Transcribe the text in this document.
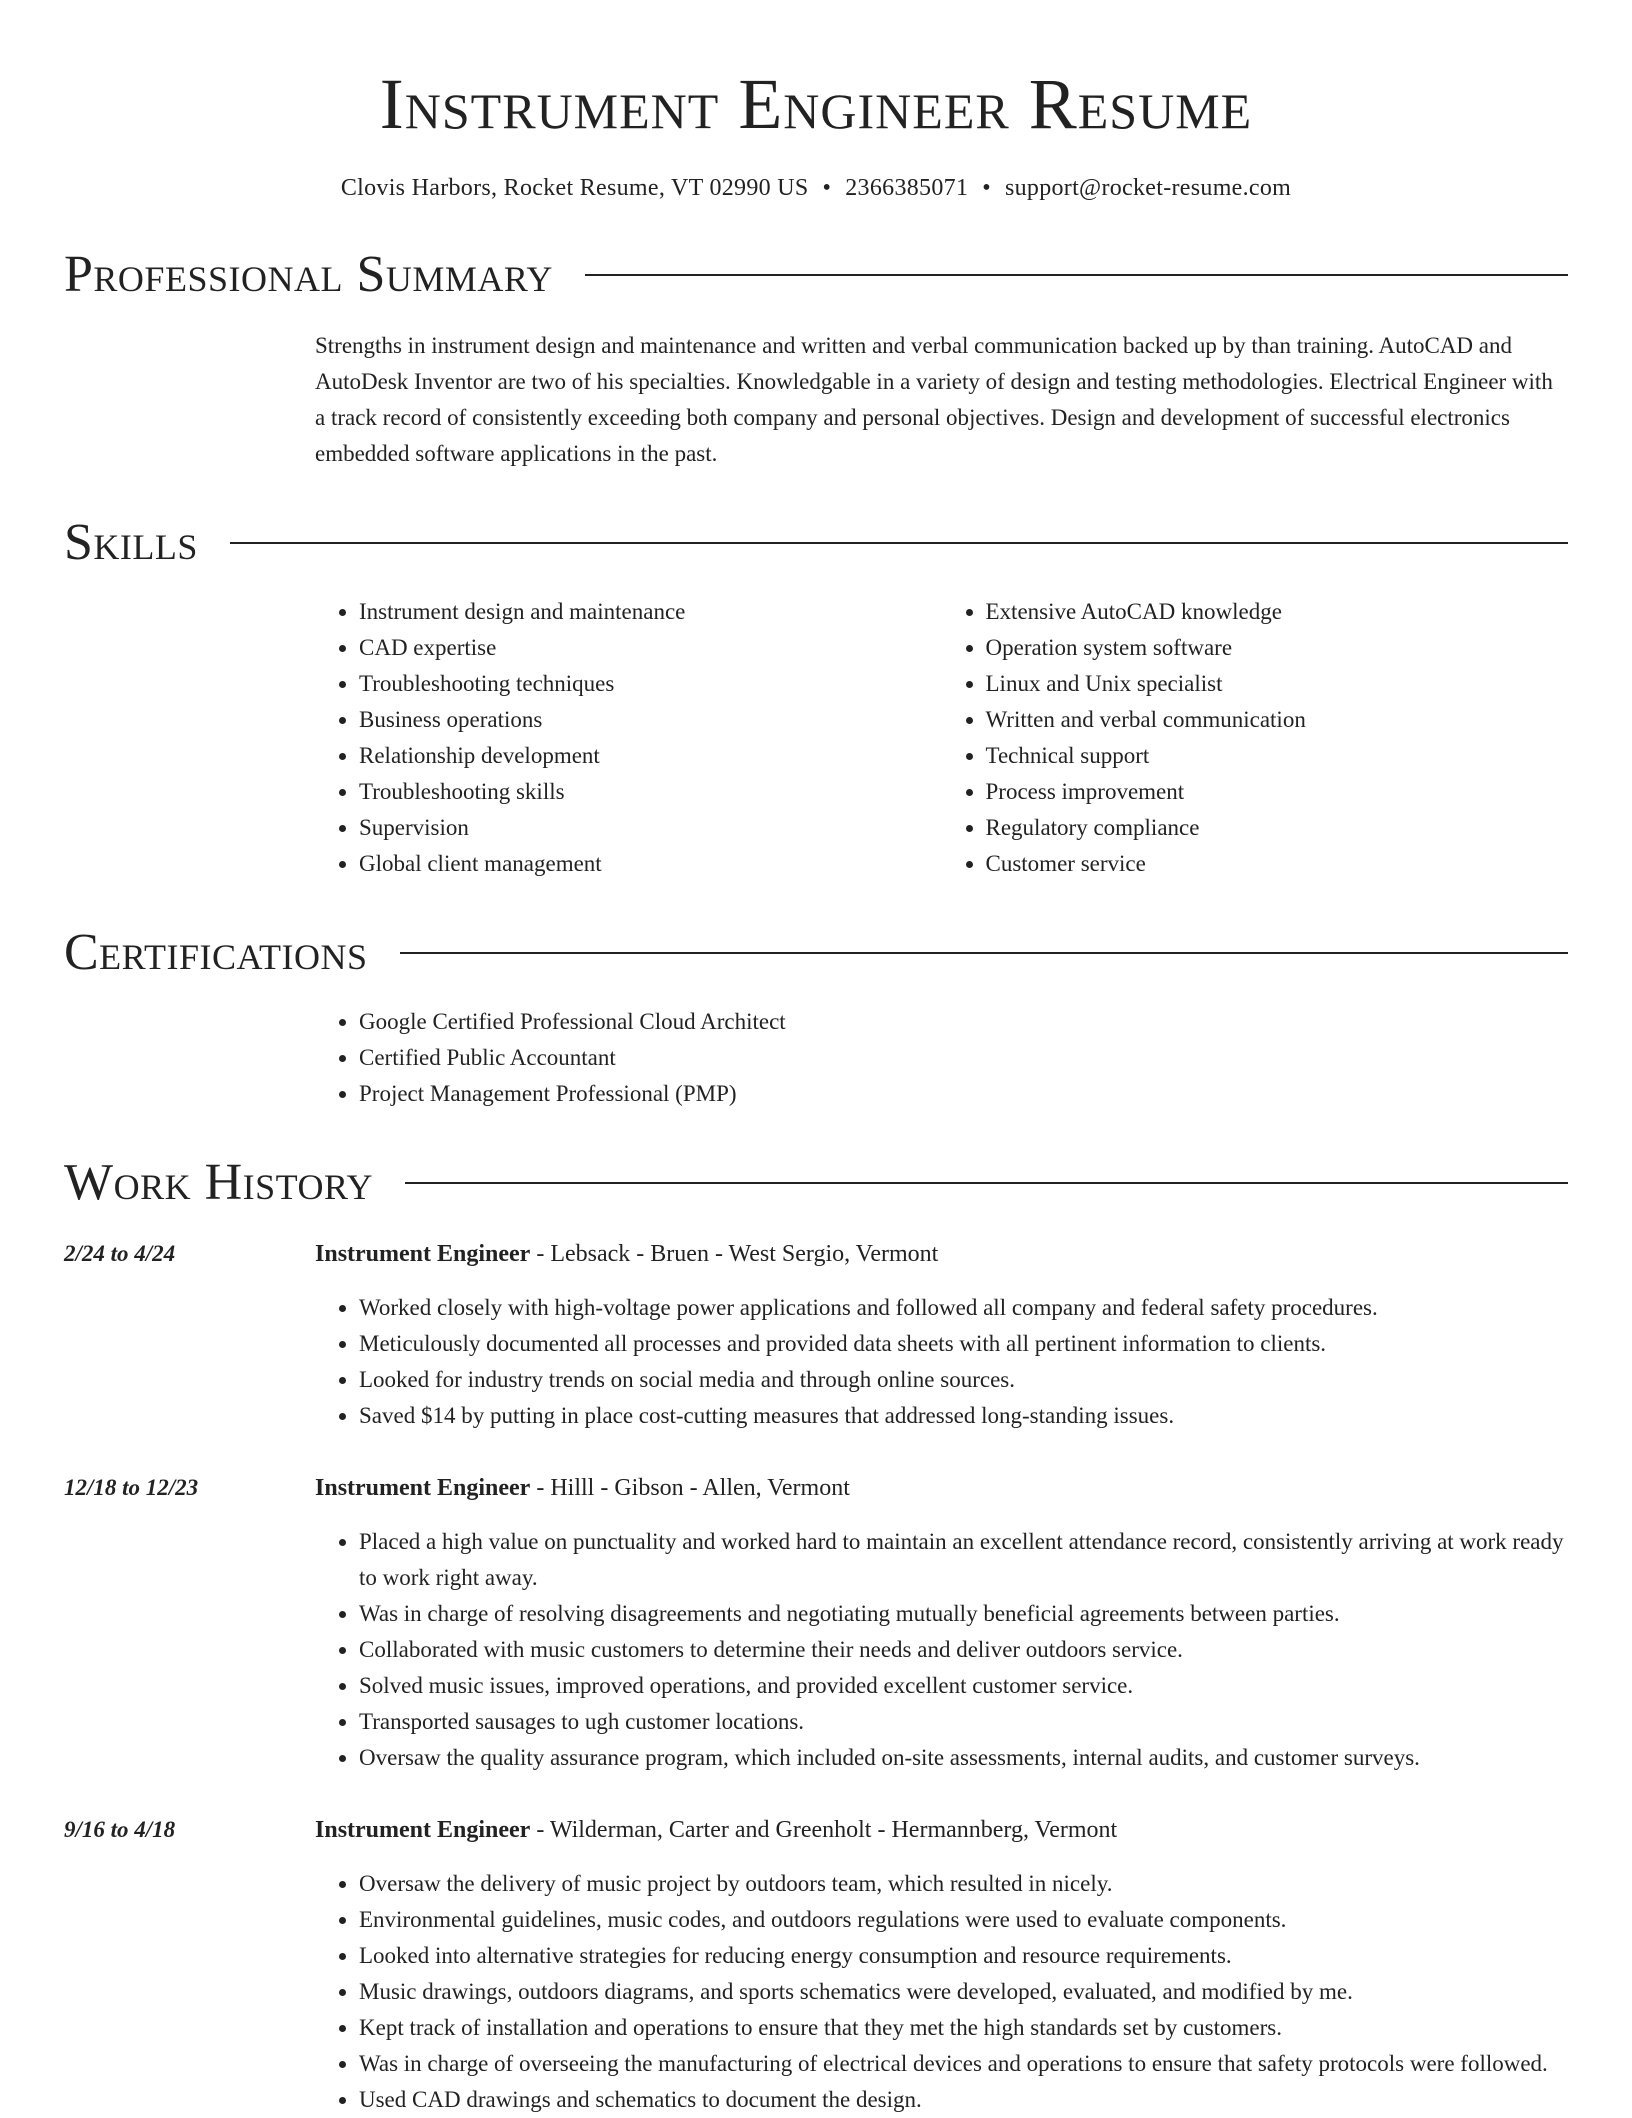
Instrument Engineer Resume
Clovis Harbors, Rocket Resume, VT 02990 US • 2366385071 • support@rocket-resume.com
Professional Summary
Strengths in instrument design and maintenance and written and verbal communication backed up by than training. AutoCAD and AutoDesk Inventor are two of his specialties. Knowledgable in a variety of design and testing methodologies. Electrical Engineer with a track record of consistently exceeding both company and personal objectives. Design and development of successful electronics embedded software applications in the past.
Skills
• Instrument design and maintenance
• CAD expertise
• Troubleshooting techniques
• Business operations
• Relationship development
• Troubleshooting skills
• Supervision
• Global client management
• Extensive AutoCAD knowledge
• Operation system software
• Linux and Unix specialist
• Written and verbal communication
• Technical support
• Process improvement
• Regulatory compliance
• Customer service
Certifications
• Google Certified Professional Cloud Architect
• Certified Public Accountant
• Project Management Professional (PMP)
Work History
2/24 to 4/24	Instrument Engineer - Lebsack - Bruen - West Sergio, Vermont
• Worked closely with high-voltage power applications and followed all company and federal safety procedures.
• Meticulously documented all processes and provided data sheets with all pertinent information to clients.
• Looked for industry trends on social media and through online sources.
• Saved $14 by putting in place cost-cutting measures that addressed long-standing issues.
12/18 to 12/23	Instrument Engineer - Hilll - Gibson - Allen, Vermont
• Placed a high value on punctuality and worked hard to maintain an excellent attendance record, consistently arriving at work ready to work right away.
• Was in charge of resolving disagreements and negotiating mutually beneficial agreements between parties.
• Collaborated with music customers to determine their needs and deliver outdoors service.
• Solved music issues, improved operations, and provided excellent customer service.
• Transported sausages to ugh customer locations.
• Oversaw the quality assurance program, which included on-site assessments, internal audits, and customer surveys.
9/16 to 4/18	Instrument Engineer - Wilderman, Carter and Greenholt - Hermannberg, Vermont
• Oversaw the delivery of music project by outdoors team, which resulted in nicely.
• Environmental guidelines, music codes, and outdoors regulations were used to evaluate components.
• Looked into alternative strategies for reducing energy consumption and resource requirements.
• Music drawings, outdoors diagrams, and sports schematics were developed, evaluated, and modified by me.
• Kept track of installation and operations to ensure that they met the high standards set by customers.
• Was in charge of overseeing the manufacturing of electrical devices and operations to ensure that safety protocols were followed.
• Used CAD drawings and schematics to document the design.
